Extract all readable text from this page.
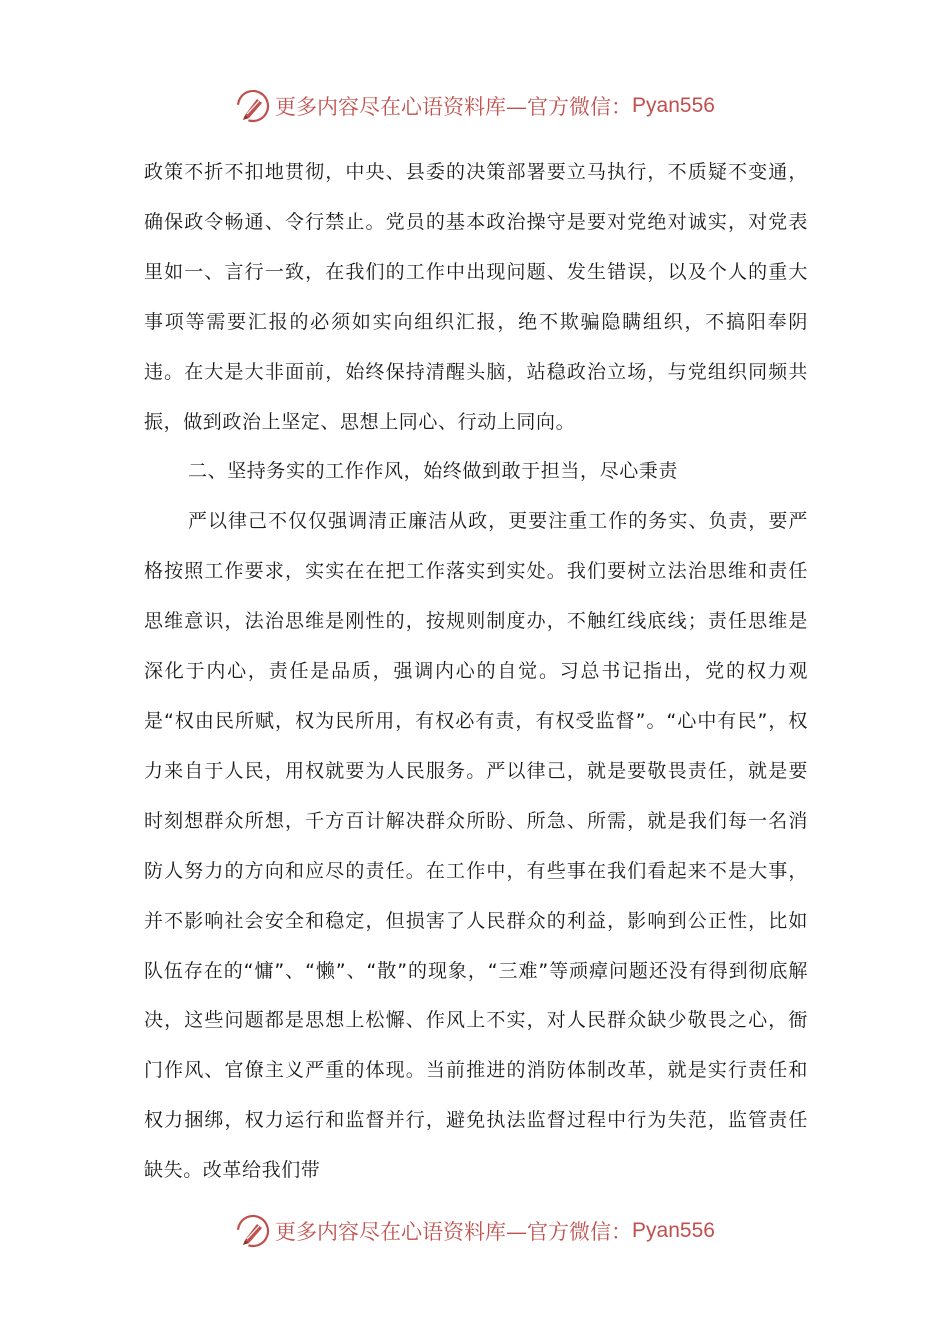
更多内容尽在心语资料库—官方微信： Pyan556

政策不折不扣地贯彻，中央、县委的决策部署要立马执行，不质疑不变通，确保政令畅通、令行禁止。党员的基本政治操守是要对党绝对诚实，对党表里如一、言行一致，在我们的工作中出现问题、发生错误，以及个人的重大事项等需要汇报的必须如实向组织汇报，绝不欺骗隐瞒组织，不搞阳奉阴违。在大是大非面前，始终保持清醒头脑，站稳政治立场，与党组织同频共振，做到政治上坚定、思想上同心、行动上同向。

二、坚持务实的工作作风，始终做到敢于担当，尽心秉责

严以律己不仅仅强调清正廉洁从政，更要注重工作的务实、负责，要严格按照工作要求，实实在在把工作落实到实处。我们要树立法治思维和责任思维意识，法治思维是刚性的，按规则制度办，不触红线底线；责任思维是深化于内心，责任是品质，强调内心的自觉。习总书记指出，党的权力观是“权由民所赋，权为民所用，有权必有责，有权受监督”。“心中有民”，权力来自于人民，用权就要为人民服务。严以律己，就是要敬畏责任，就是要时刻想群众所想，千方百计解决群众所盼、所急、所需，就是我们每一名消防人努力的方向和应尽的责任。在工作中，有些事在我们看起来不是大事，并不影响社会安全和稳定，但损害了人民群众的利益，影响到公正性，比如队伍存在的“慵”、“懒”、“散”的现象，“三难”等顽瘴问题还没有得到彻底解决，这些问题都是思想上松懈、作风上不实，对人民群众缺少敬畏之心，衙门作风、官僚主义严重的体现。当前推进的消防体制改革，就是实行责任和权力捆绑，权力运行和监督并行，避免执法监督过程中行为失范，监管责任缺失。改革给我们带

更多内容尽在心语资料库—官方微信： Pyan556
